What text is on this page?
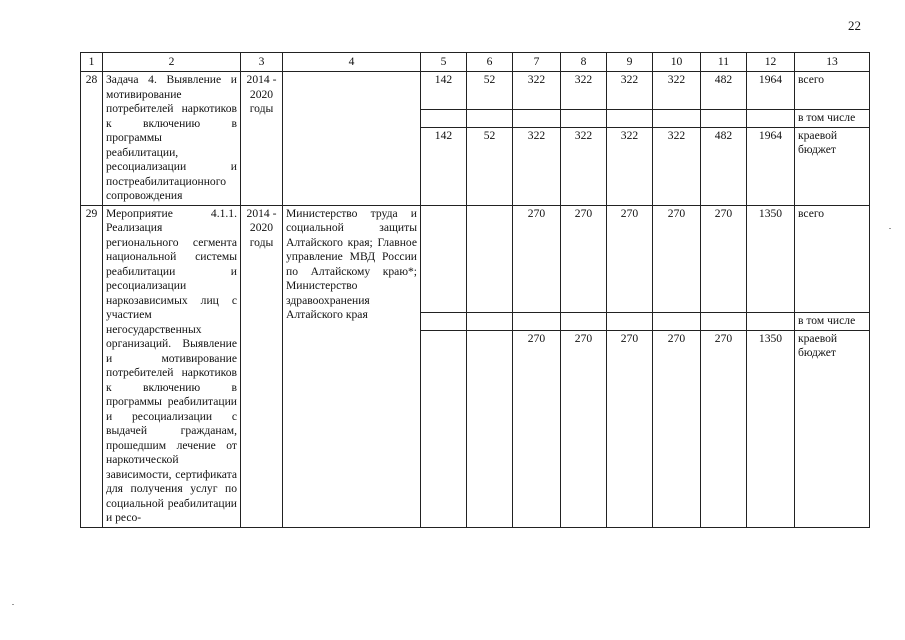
22
1	2	3	4	5	6	7	8	9	10	11	12	13
28	Задача 4. Выявление и мотивирование потребителей наркотиков к включению в программы реабилитации, ресоциализации и постреабилитационного сопровождения	2014 - 2020 годы		142	52	322	322	322	322	482	1964	всего
												в том числе
				142	52	322	322	322	322	482	1964	краевой бюджет
29	Мероприятие 4.1.1. Реализация регионального сегмента национальной системы реабилитации и ресоциализации наркозависимых лиц с участием негосударственных организаций. Выявление и мотивирование потребителей наркотиков к включению в программы реабилитации и ресоциализации с выдачей гражданам, прошедшим лечение от наркотической зависимости, сертификата для получения услуг по социальной реабилитации и ресо-	2014 - 2020 годы	Министерство труда и социальной защиты Алтайского края; Главное управление МВД России по Алтайскому краю*; Министерство здравоохранения Алтайского края			270	270	270	270	270	1350	всего
												в том числе
						270	270	270	270	270	1350	краевой бюджет
